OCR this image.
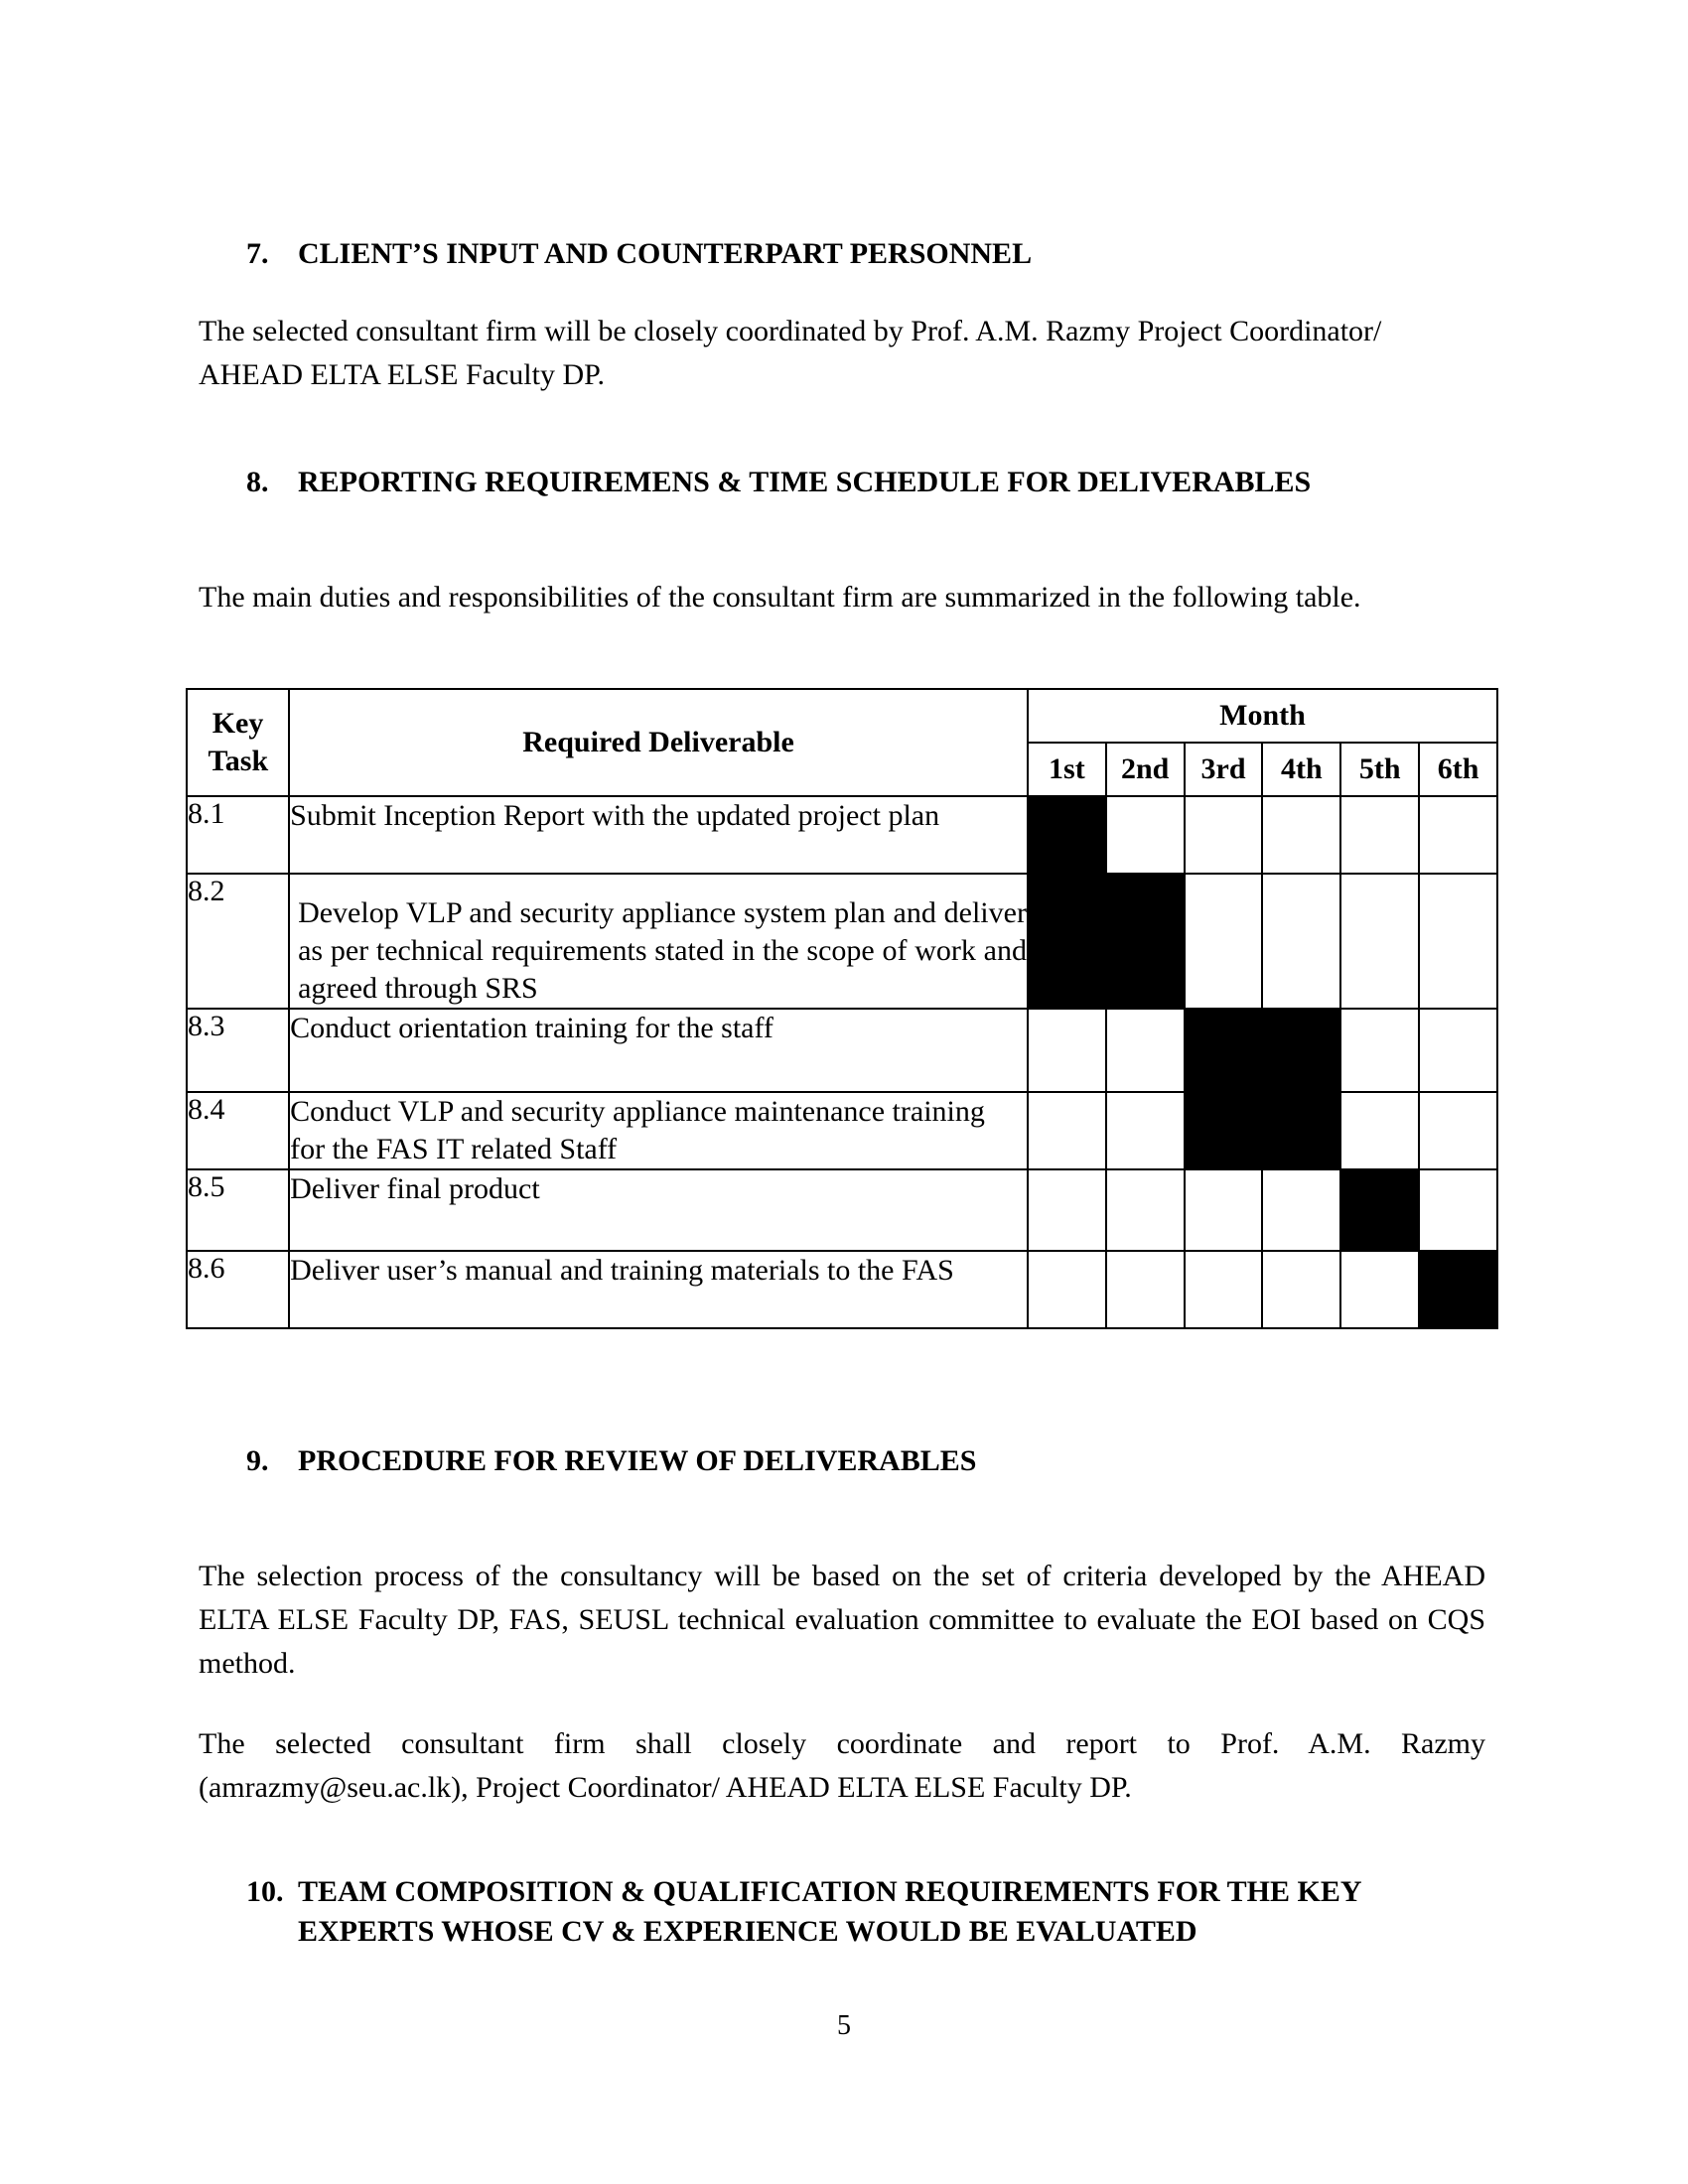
7. CLIENT’S INPUT AND COUNTERPART PERSONNEL

The selected consultant firm will be closely coordinated by Prof. A.M. Razmy Project Coordinator/ AHEAD ELTA ELSE Faculty DP.

8. REPORTING REQUIREMENS & TIME SCHEDULE FOR DELIVERABLES

The main duties and responsibilities of the consultant firm are summarized in the following table.

Key Task	Required Deliverable	Month					
		1st	2nd	3rd	4th	5th	6th
8.1	Submit Inception Report with the updated project plan						
8.2	Develop VLP and security appliance system plan and deliver as per technical requirements stated in the scope of work and agreed through SRS						
8.3	Conduct orientation training for the staff						
8.4	Conduct VLP and security appliance maintenance training for the FAS IT related Staff						
8.5	Deliver final product						
8.6	Deliver user’s manual and training materials to the FAS						
9. PROCEDURE FOR REVIEW OF DELIVERABLES

The selection process of the consultancy will be based on the set of criteria developed by the AHEAD ELTA ELSE Faculty DP, FAS, SEUSL technical evaluation committee to evaluate the EOI based on CQS method.

The selected consultant firm shall closely coordinate and report to Prof. A.M. Razmy (amrazmy@seu.ac.lk), Project Coordinator/ AHEAD ELTA ELSE Faculty DP.

10. TEAM COMPOSITION & QUALIFICATION REQUIREMENTS FOR THE KEY EXPERTS WHOSE CV & EXPERIENCE WOULD BE EVALUATED
5
